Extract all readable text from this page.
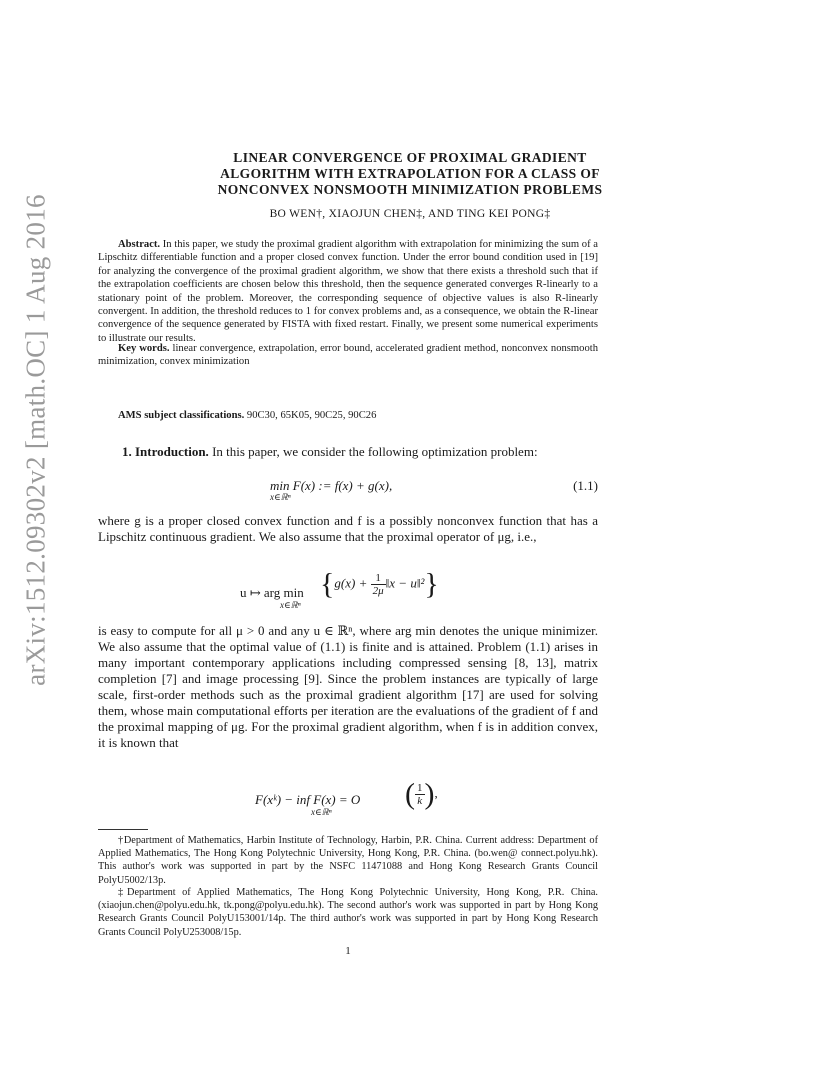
arXiv:1512.09302v2 [math.OC] 1 Aug 2016
LINEAR CONVERGENCE OF PROXIMAL GRADIENT
ALGORITHM WITH EXTRAPOLATION FOR A CLASS OF
NONCONVEX NONSMOOTH MINIMIZATION PROBLEMS
BO WEN†, XIAOJUN CHEN‡, AND TING KEI PONG‡
Abstract. In this paper, we study the proximal gradient algorithm with extrapolation for minimizing the sum of a Lipschitz differentiable function and a proper closed convex function. Under the error bound condition used in [19] for analyzing the convergence of the proximal gradient algorithm, we show that there exists a threshold such that if the extrapolation coefficients are chosen below this threshold, then the sequence generated converges R-linearly to a stationary point of the problem. Moreover, the corresponding sequence of objective values is also R-linearly convergent. In addition, the threshold reduces to 1 for convex problems and, as a consequence, we obtain the R-linear convergence of the sequence generated by FISTA with fixed restart. Finally, we present some numerical experiments to illustrate our results.
Key words. linear convergence, extrapolation, error bound, accelerated gradient method, nonconvex nonsmooth minimization, convex minimization
AMS subject classifications. 90C30, 65K05, 90C25, 90C26
1. Introduction. In this paper, we consider the following optimization problem:
min F(x) := f(x) + g(x),
x∈ℝⁿ
(1.1)
where g is a proper closed convex function and f is a possibly nonconvex function that has a Lipschitz continuous gradient. We also assume that the proximal operator of μg, i.e.,
u ↦ arg min
x∈ℝⁿ
{$g(x) + \frac{1}{2\mu}$ ‖x − u‖²}
is easy to compute for all μ > 0 and any u ∈ ℝⁿ, where arg min denotes the unique minimizer. We also assume that the optimal value of (1.1) is finite and is attained. Problem (1.1) arises in many important contemporary applications including compressed sensing [8, 13], matrix completion [7] and image processing [9]. Since the problem instances are typically of large scale, first-order methods such as the proximal gradient algorithm [17] are used for solving them, whose main computational efforts per iteration are the evaluations of the gradient of f and the proximal mapping of μg. For the proximal gradient algorithm, when f is in addition convex, it is known that
F(xᵏ) − inf F(x) = O
x∈ℝⁿ
( $\frac{1}{k}$ ),
†Department of Mathematics, Harbin Institute of Technology, Harbin, P.R. China. Current address: Department of Applied Mathematics, The Hong Kong Polytechnic University, Hong Kong, P.R. China. (bo.wen@ connect.polyu.hk). This author's work was supported in part by the NSFC 11471088 and Hong Kong Research Grants Council PolyU5002/13p.
‡Department of Applied Mathematics, The Hong Kong Polytechnic University, Hong Kong, P.R. China.(xiaojun.chen@polyu.edu.hk, tk.pong@polyu.edu.hk). The second author's work was supported in part by Hong Kong Research Grants Council PolyU153001/14p. The third author's work was supported in part by Hong Kong Research Grants Council PolyU253008/15p.
1
